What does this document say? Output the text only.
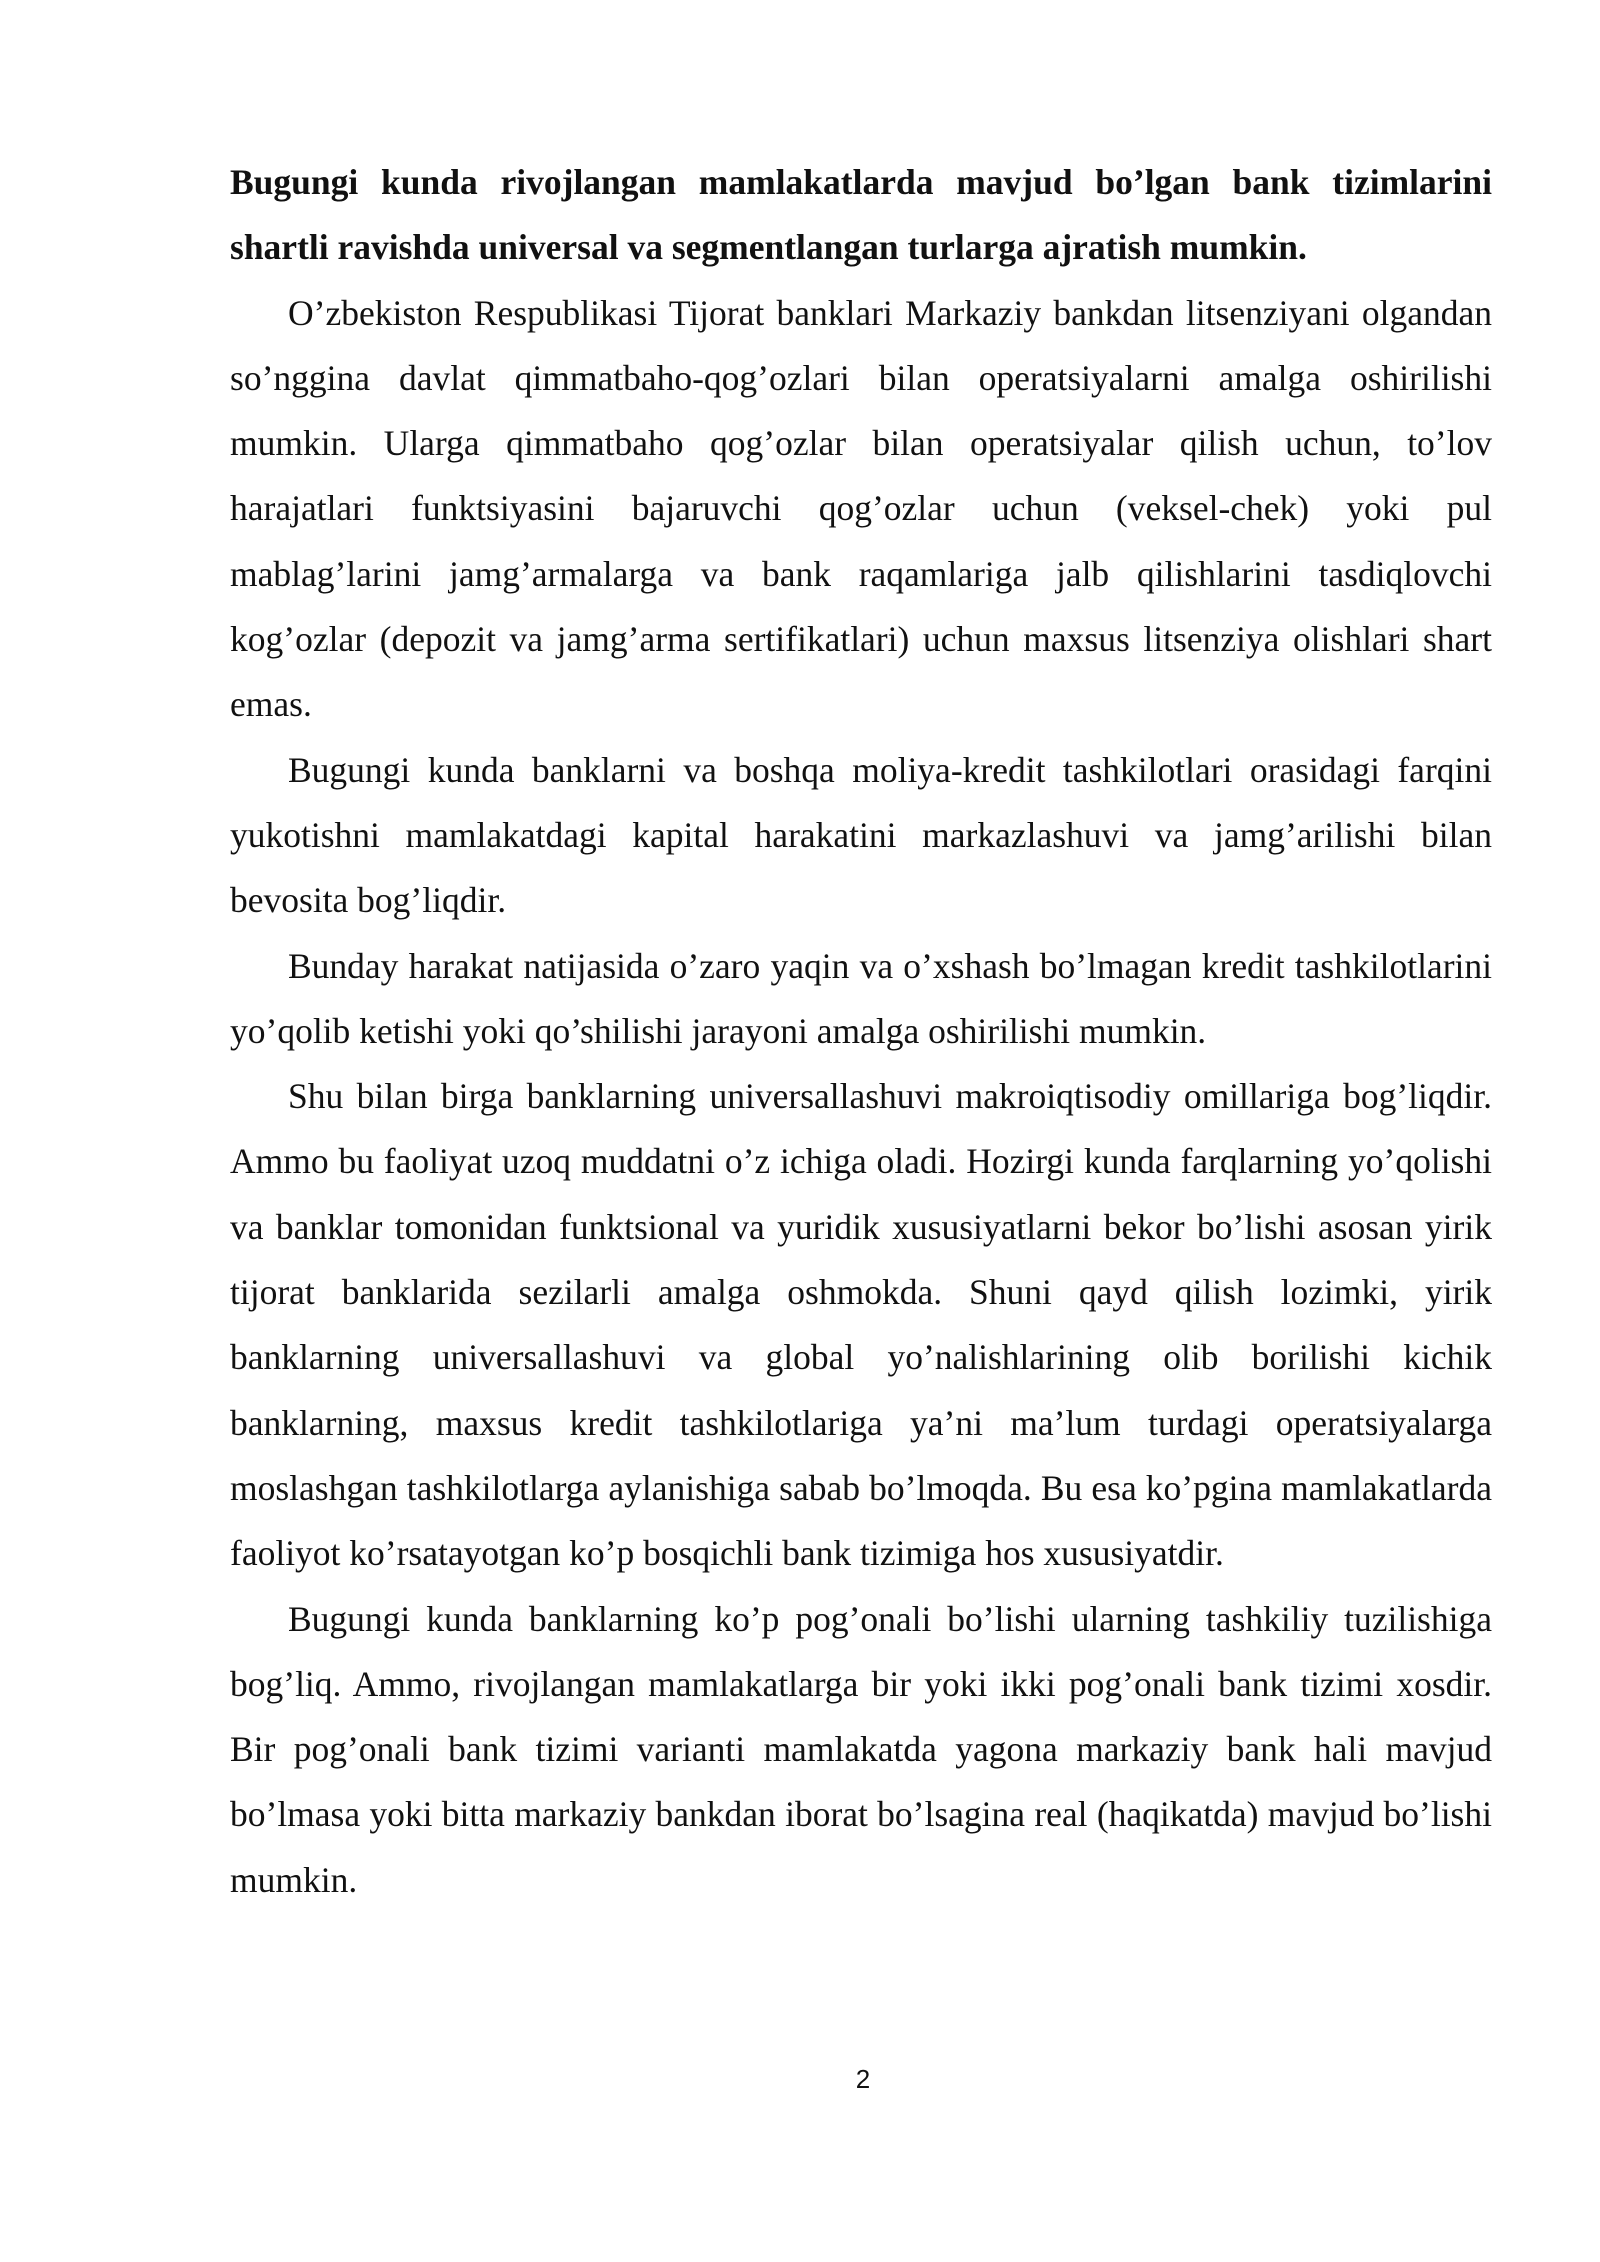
Bugungi kunda rivojlangan mamlakatlarda mavjud bo’lgan bank tizimlarini shartli ravishda universal va segmentlangan turlarga ajratish mumkin.

O’zbekiston Respublikasi Tijorat banklari Markaziy bankdan litsenziyani olgandan so’nggina davlat qimmatbaho-qog’ozlari bilan operatsiyalarni amalga oshirilishi mumkin. Ularga qimmatbaho qog’ozlar bilan operatsiyalar qilish uchun, to’lov harajatlari funktsiyasini bajaruvchi qog’ozlar uchun (veksel-chek) yoki pul mablag’larini jamg’armalarga va bank raqamlariga jalb qilishlarini tasdiqlovchi kog’ozlar (depozit va jamg’arma sertifikatlari) uchun maxsus litsenziya olishlari shart emas.

Bugungi kunda banklarni va boshqa moliya-kredit tashkilotlari orasidagi farqini yukotishni mamlakatdagi kapital harakatini markazlashuvi va jamg’arilishi bilan bevosita bog’liqdir.

Bunday harakat natijasida o’zaro yaqin va o’xshash bo’lmagan kredit tashkilotlarini yo’qolib ketishi yoki qo’shilishi jarayoni amalga oshirilishi mumkin.

Shu bilan birga banklarning universallashuvi makroiqtisodiy omillariga bog’liqdir. Ammo bu faoliyat uzoq muddatni o’z ichiga oladi. Hozirgi kunda farqlarning yo’qolishi va banklar tomonidan funktsional va yuridik xususiyatlarni bekor bo’lishi asosan yirik tijorat banklarida sezilarli amalga oshmokda. Shuni qayd qilish lozimki, yirik banklarning universallashuvi va global yo’nalishlarining olib borilishi kichik banklarning, maxsus kredit tashkilotlariga ya’ni ma’lum turdagi operatsiyalarga moslashgan tashkilotlarga aylanishiga sabab bo’lmoqda. Bu esa ko’pgina mamlakatlarda faoliyot ko’rsatayotgan ko’p bosqichli bank tizimiga hos xususiyatdir.

Bugungi kunda banklarning ko’p pog’onali bo’lishi ularning tashkiliy tuzilishiga bog’liq. Ammo, rivojlangan mamlakatlarga bir yoki ikki pog’onali bank tizimi xosdir. Bir pog’onali bank tizimi varianti mamlakatda yagona markaziy bank hali mavjud bo’lmasa yoki bitta markaziy bankdan iborat bo’lsagina real (haqikatda) mavjud bo’lishi mumkin.

2
